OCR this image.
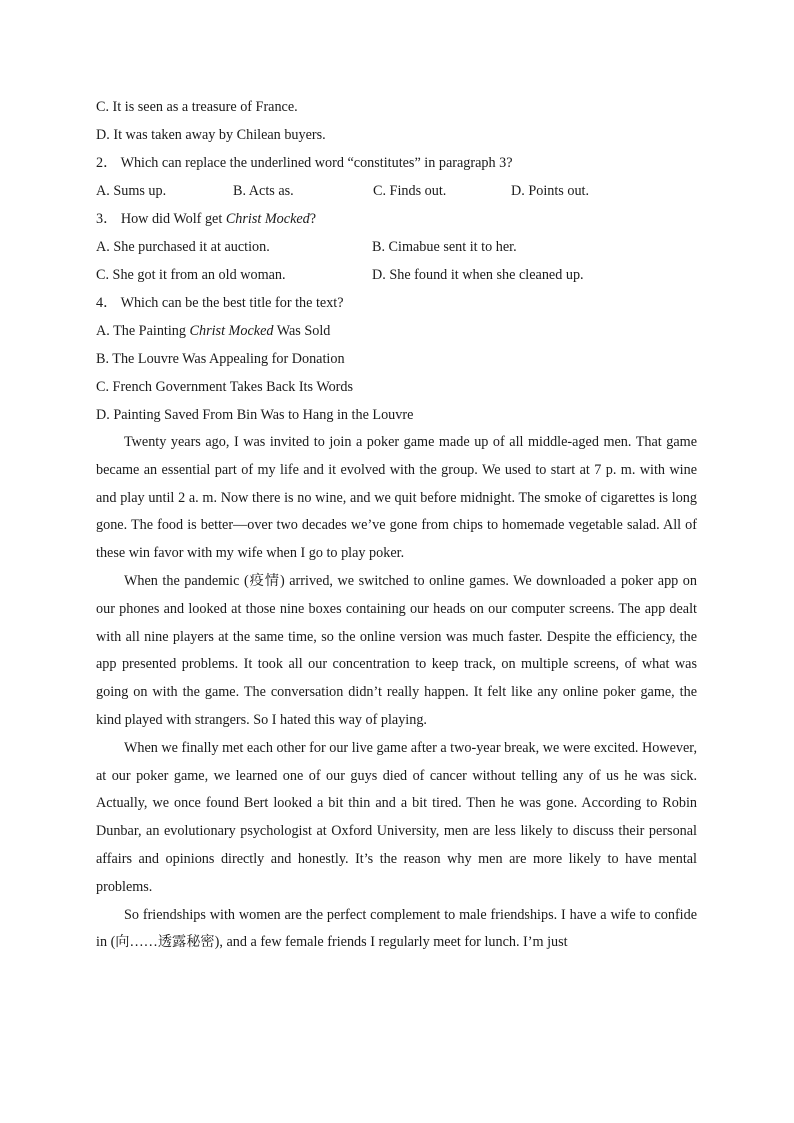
C. It is seen as a treasure of France.
D. It was taken away by Chilean buyers.
2． Which can replace the underlined word “constitutes” in paragraph 3?
A. Sums up.	B. Acts as.	C. Finds out.	D. Points out.
3． How did Wolf get Christ Mocked?
A. She purchased it at auction.	B. Cimabue sent it to her.
C. She got it from an old woman.	D. She found it when she cleaned up.
4． Which can be the best title for the text?
A. The Painting Christ Mocked Was Sold
B. The Louvre Was Appealing for Donation
C. French Government Takes Back Its Words
D. Painting Saved From Bin Was to Hang in the Louvre

Twenty years ago, I was invited to join a poker game made up of all middle-aged men. That game became an essential part of my life and it evolved with the group. We used to start at 7 p. m. with wine and play until 2 a. m. Now there is no wine, and we quit before midnight. The smoke of cigarettes is long gone. The food is better—over two decades we’ve gone from chips to homemade vegetable salad. All of these win favor with my wife when I go to play poker.

When the pandemic (疫情) arrived, we switched to online games. We downloaded a poker app on our phones and looked at those nine boxes containing our heads on our computer screens. The app dealt with all nine players at the same time, so the online version was much faster. Despite the efficiency, the app presented problems. It took all our concentration to keep track, on multiple screens, of what was going on with the game. The conversation didn’t really happen. It felt like any online poker game, the kind played with strangers. So I hated this way of playing.

When we finally met each other for our live game after a two-year break, we were excited. However, at our poker game, we learned one of our guys died of cancer without telling any of us he was sick. Actually, we once found Bert looked a bit thin and a bit tired. Then he was gone. According to Robin Dunbar, an evolutionary psychologist at Oxford University, men are less likely to discuss their personal affairs and opinions directly and honestly. It’s the reason why men are more likely to have mental problems.

So friendships with women are the perfect complement to male friendships. I have a wife to confide in (向……透露秘密), and a few female friends I regularly meet for lunch. I’m just
